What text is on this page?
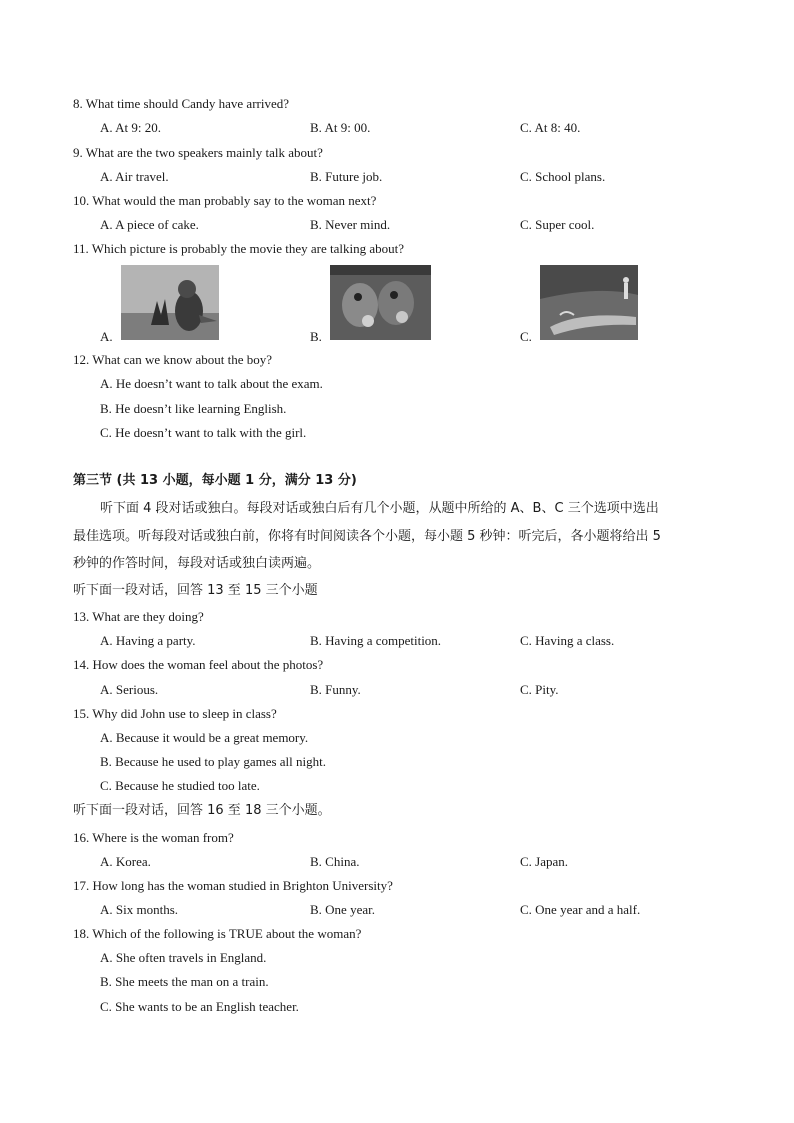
8. What time should Candy have arrived?
A. At 9: 20.	B. At 9: 00.	C. At 8: 40.
9. What are the two speakers mainly talk about?
A. Air travel.	B. Future job.	C. School plans.
10. What would the man probably say to the woman next?
A. A piece of cake.	B. Never mind.	C. Super cool.
11. Which picture is probably the movie they are talking about?
A.	B.	C.
12. What can we know about the boy?
A. He doesn’t want to talk about the exam.
B. He doesn’t like learning English.
C. He doesn’t want to talk with the girl.
第三节 (共 13 小题，每小题 1 分，满分 13 分)
听下面 4 段对话或独白。每段对话或独白后有几个小题，从题中所给的 A、B、C 三个选项中选出
最佳选项。听每段对话或独白前，你将有时间阅读各个小题，每小题 5 秒钟：听完后，各小题将给出 5
秒钟的作答时间，每段对话或独白读两遍。
听下面一段对话，回答 13 至 15 三个小题
13. What are they doing?
A. Having a party.	B. Having a competition.	C. Having a class.
14. How does the woman feel about the photos?
A. Serious.	B. Funny.	C. Pity.
15. Why did John use to sleep in class?
A. Because it would be a great memory.
B. Because he used to play games all night.
C. Because he studied too late.
听下面一段对话，回答 16 至 18 三个小题。
16. Where is the woman from?
A. Korea.	B. China.	C. Japan.
17. How long has the woman studied in Brighton University?
A. Six months.	B. One year.	C. One year and a half.
18. Which of the following is TRUE about the woman?
A. She often travels in England.
B. She meets the man on a train.
C. She wants to be an English teacher.
